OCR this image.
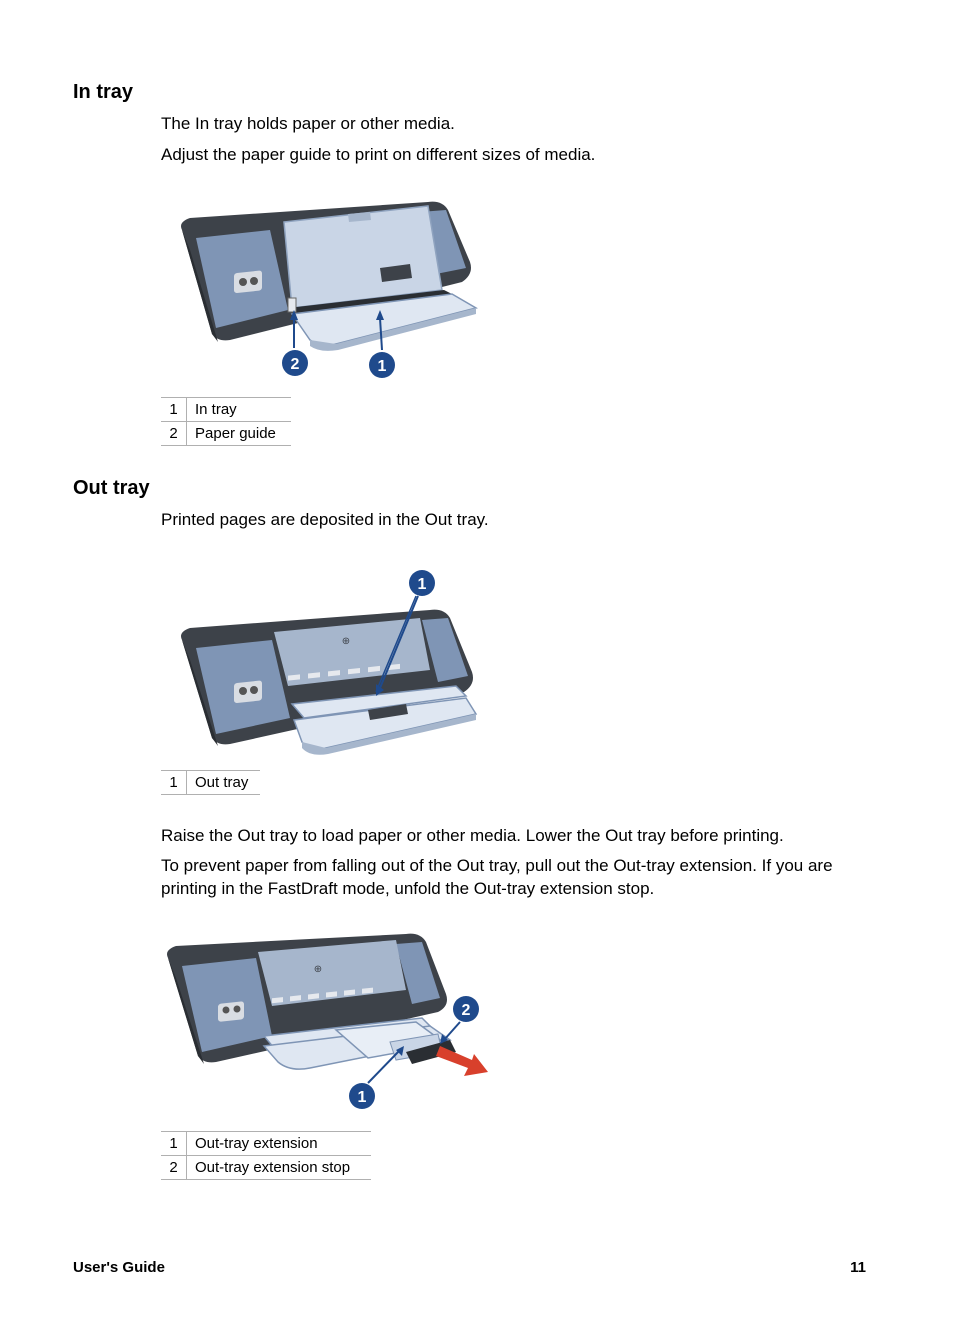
In tray

The In tray holds paper or other media.

Adjust the paper guide to print on different sizes of media.

2	1
1	In tray
2	Paper guide
Out tray

Printed pages are deposited in the Out tray.

1
⊕
1	Out tray

Raise the Out tray to load paper or other media. Lower the Out tray before printing.

To prevent paper from falling out of the Out tray, pull out the Out-tray extension. If you are printing in the FastDraft mode, unfold the Out-tray extension stop.

⊕
2
1
1	Out-tray extension
2	Out-tray extension stop
User's Guide	11
